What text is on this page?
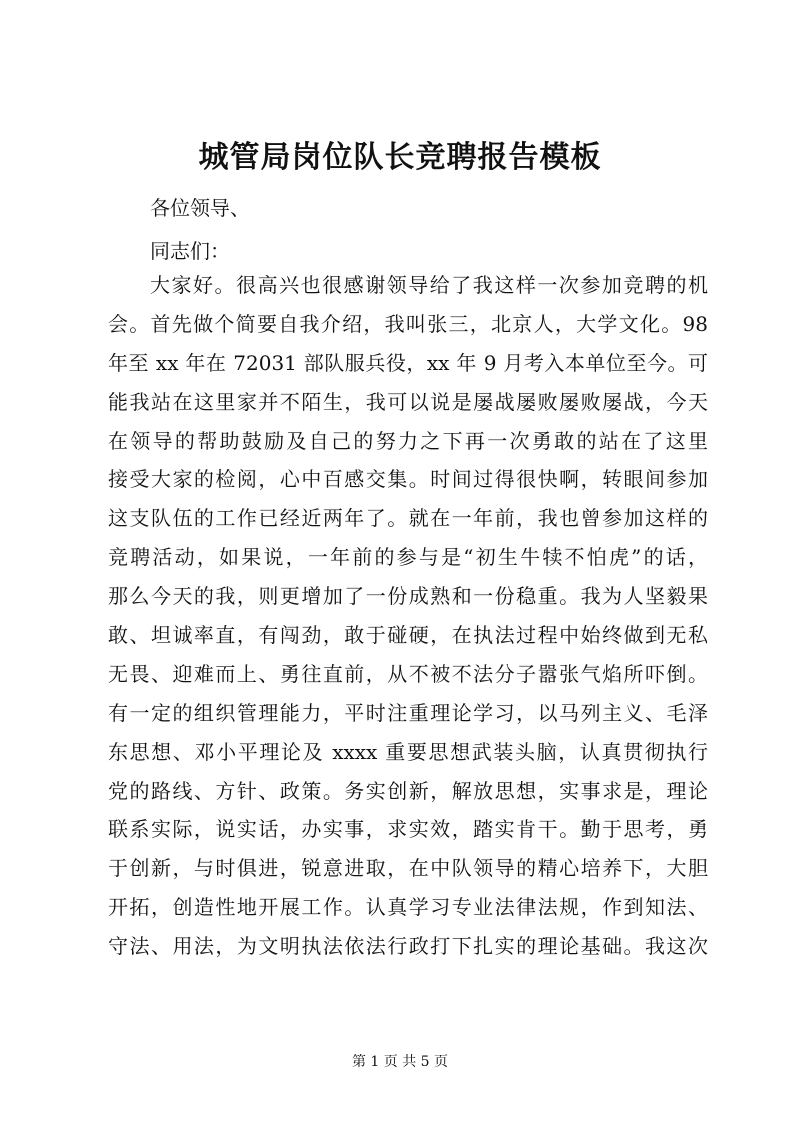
城管局岗位队长竞聘报告模板
各位领导、
同志们：
大家好。很高兴也很感谢领导给了我这样一次参加竞聘的机
会。首先做个简要自我介绍，我叫张三，北京人，大学文化。98
年至 xx 年在 72031 部队服兵役，xx 年 9 月考入本单位至今。可
能我站在这里家并不陌生，我可以说是屡战屡败屡败屡战，今天
在领导的帮助鼓励及自己的努力之下再一次勇敢的站在了这里
接受大家的检阅，心中百感交集。时间过得很快啊，转眼间参加
这支队伍的工作已经近两年了。就在一年前，我也曾参加这样的
竞聘活动，如果说，一年前的参与是“初生牛犊不怕虎”的话，
那么今天的我，则更增加了一份成熟和一份稳重。我为人坚毅果
敢、坦诚率直，有闯劲，敢于碰硬，在执法过程中始终做到无私
无畏、迎难而上、勇往直前，从不被不法分子嚣张气焰所吓倒。
有一定的组织管理能力，平时注重理论学习，以马列主义、毛泽
东思想、邓小平理论及 xxxx 重要思想武装头脑，认真贯彻执行
党的路线、方针、政策。务实创新，解放思想，实事求是，理论
联系实际，说实话，办实事，求实效，踏实肯干。勤于思考，勇
于创新，与时俱进，锐意进取，在中队领导的精心培养下，大胆
开拓，创造性地开展工作。认真学习专业法律法规，作到知法、
守法、用法，为文明执法依法行政打下扎实的理论基础。我这次
第 1 页 共 5 页
